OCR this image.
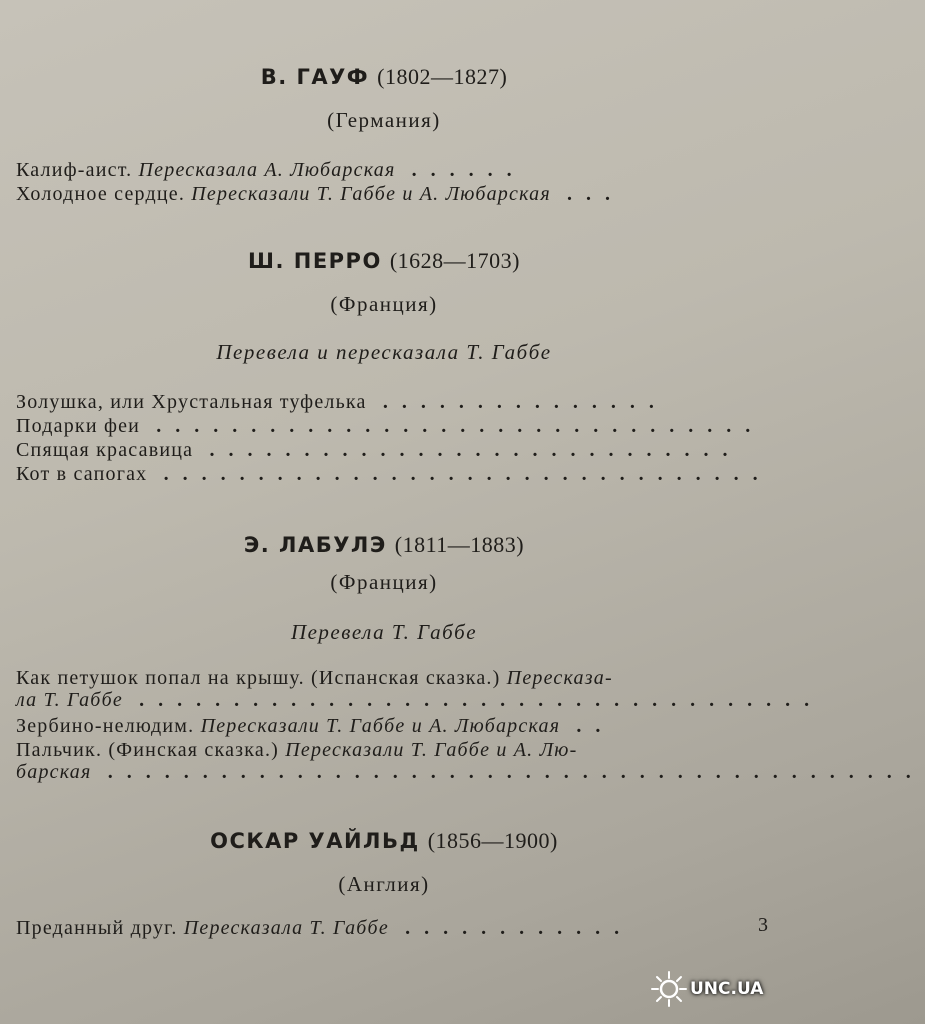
В. ГАУФ (1802—1827)
(Германия)
Калиф-аист. Пересказала А. Любарская ......
Холодное сердце. Пересказали Т. Габбе и А. Любарская ...
Ш. ПЕРРО (1628—1703)
(Франция)
Перевела и пересказала Т. Габбе
Золушка, или Хрустальная туфелька ...............
Подарки феи ................................
Спящая красавица ............................
Кот в сапогах ................................
Э. ЛАБУЛЭ (1811—1883)
(Франция)
Перевела Т. Габбе
Как петушок попал на крышу. (Испанская сказка.) Пересказа-
ла Т. Габбе ....................................
Зербино-нелюдим. Пересказали Т. Габбе и А. Любарская ..
Пальчик. (Финская сказка.) Пересказали Т. Габбе и А. Лю-
барская ...........................................
ОСКАР УАЙЛЬД (1856—1900)
(Англия)
Преданный друг. Пересказала Т. Габбе ............	3
UNC.UA
